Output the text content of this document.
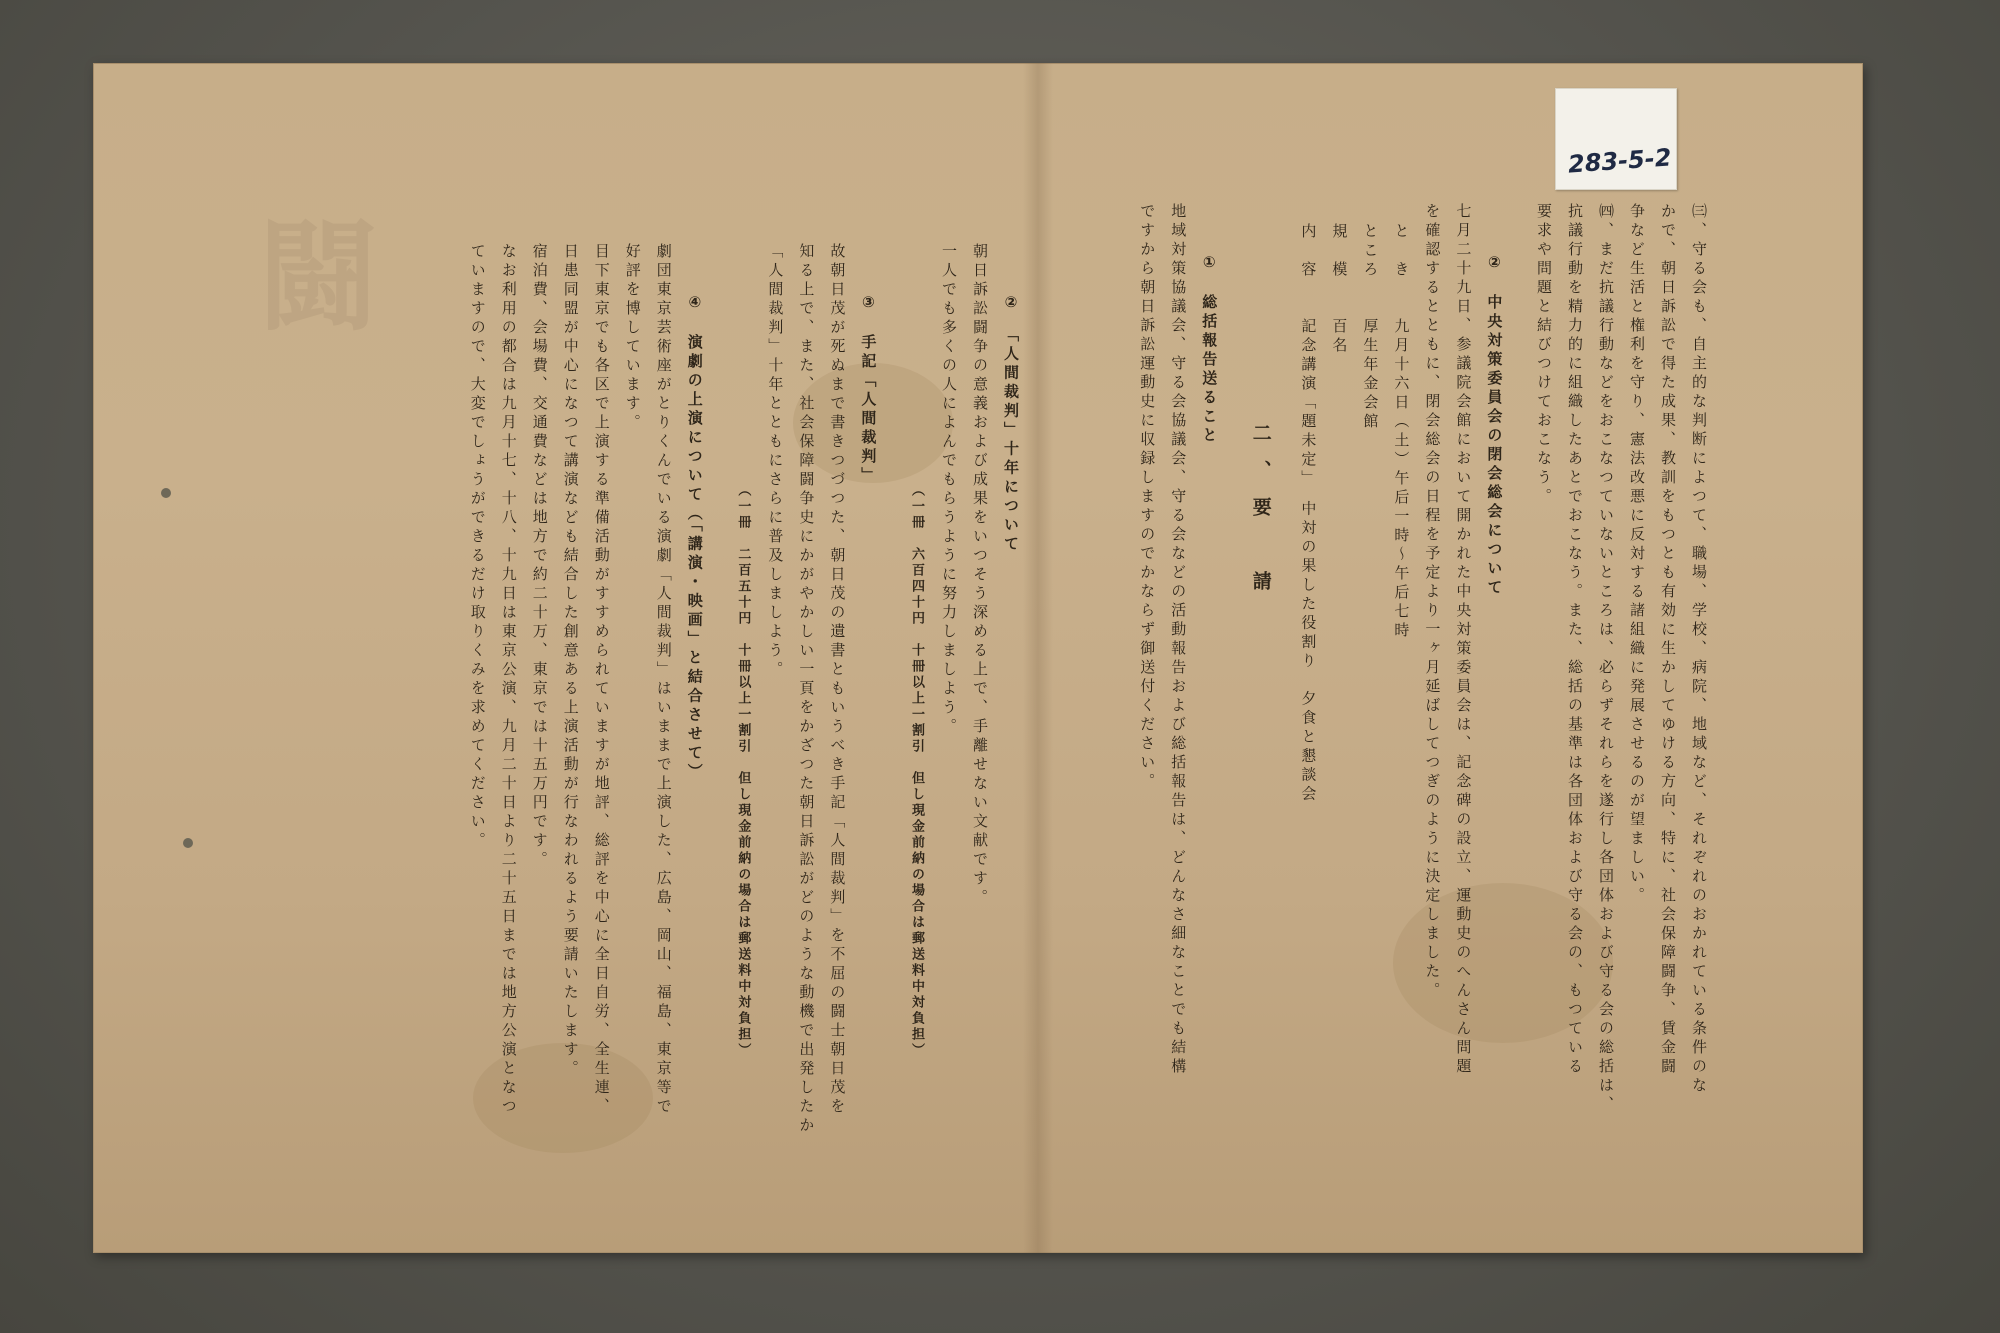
闘	㈢、守る会も、自主的な判断によつて、職場、学校、病院、地域など、それぞれのおかれている条件のな
かで、朝日訴訟で得た成果、教訓をもつとも有効に生かしてゆける方向、特に、社会保障闘争、賃金闘
争など生活と権利を守り、憲法改悪に反対する諸組織に発展させるのが望ましい。
㈣、まだ抗議行動などをおこなつていないところは、必らずそれらを遂行し各団体および守る会の総括は、
抗議行動を精力的に組織したあとでおこなう。また、総括の基準は各団体および守る会の、もつている
要求や問題と結びつけておこなう。
②　中央対策委員会の閉会総会について
七月二十九日、参議院会館において開かれた中央対策委員会は、記念碑の設立、運動史のへんさん問題
を確認するとともに、閉会総会の日程を予定より一ヶ月延ばしてつぎのように決定しました。
と　き　　九月十六日（土）午后一時～午后七時
ところ　　厚生年金会館
規　模　　百名
内　容　　記念講演「題未定」　中対の果した役割り　夕食と懇談会
二、要　請
①　総括報告送ること
地域対策協議会、守る会協議会、守る会などの活動報告および総括報告は、どんなさ細なことでも結構
ですから朝日訴訟運動史に収録しますのでかならず御送付ください。
②　「人間裁判」十年について
朝日訴訟闘争の意義および成果をいつそう深める上で、手離せない文献です。
一人でも多くの人によんでもらうように努力しましよう。
（一冊　六百四十円　十冊以上一割引　但し現金前納の場合は郵送料中対負担）
③　手記「人間裁判」
故朝日茂が死ぬまで書きつづつた、朝日茂の遺書ともいうべき手記「人間裁判」を不屈の闘士朝日茂を
知る上で、また、社会保障闘争史にかがやかしい一頁をかざつた朝日訴訟がどのような動機で出発したか
「人間裁判」十年とともにさらに普及しましよう。
（一冊　二百五十円　十冊以上一割引　但し現金前納の場合は郵送料中対負担）
④　演劇の上演について（「講演・映画」と結合させて）
劇団東京芸術座がとりくんでいる演劇「人間裁判」はいままで上演した、広島、岡山、福島、東京等で
好評を博しています。
目下東京でも各区で上演する準備活動がすすめられていますが地評、総評を中心に全日自労、全生連、
日患同盟が中心になつて講演なども結合した創意ある上演活動が行なわれるよう要請いたします。
宿泊費、会場費、交通費などは地方で約二十万、東京では十五万円です。
なお利用の都合は九月十七、十八、十九日は東京公演、九月二十日より二十五日までは地方公演となつ
ていますので、大変でしょうができるだけ取りくみを求めてください。
283-5-2
